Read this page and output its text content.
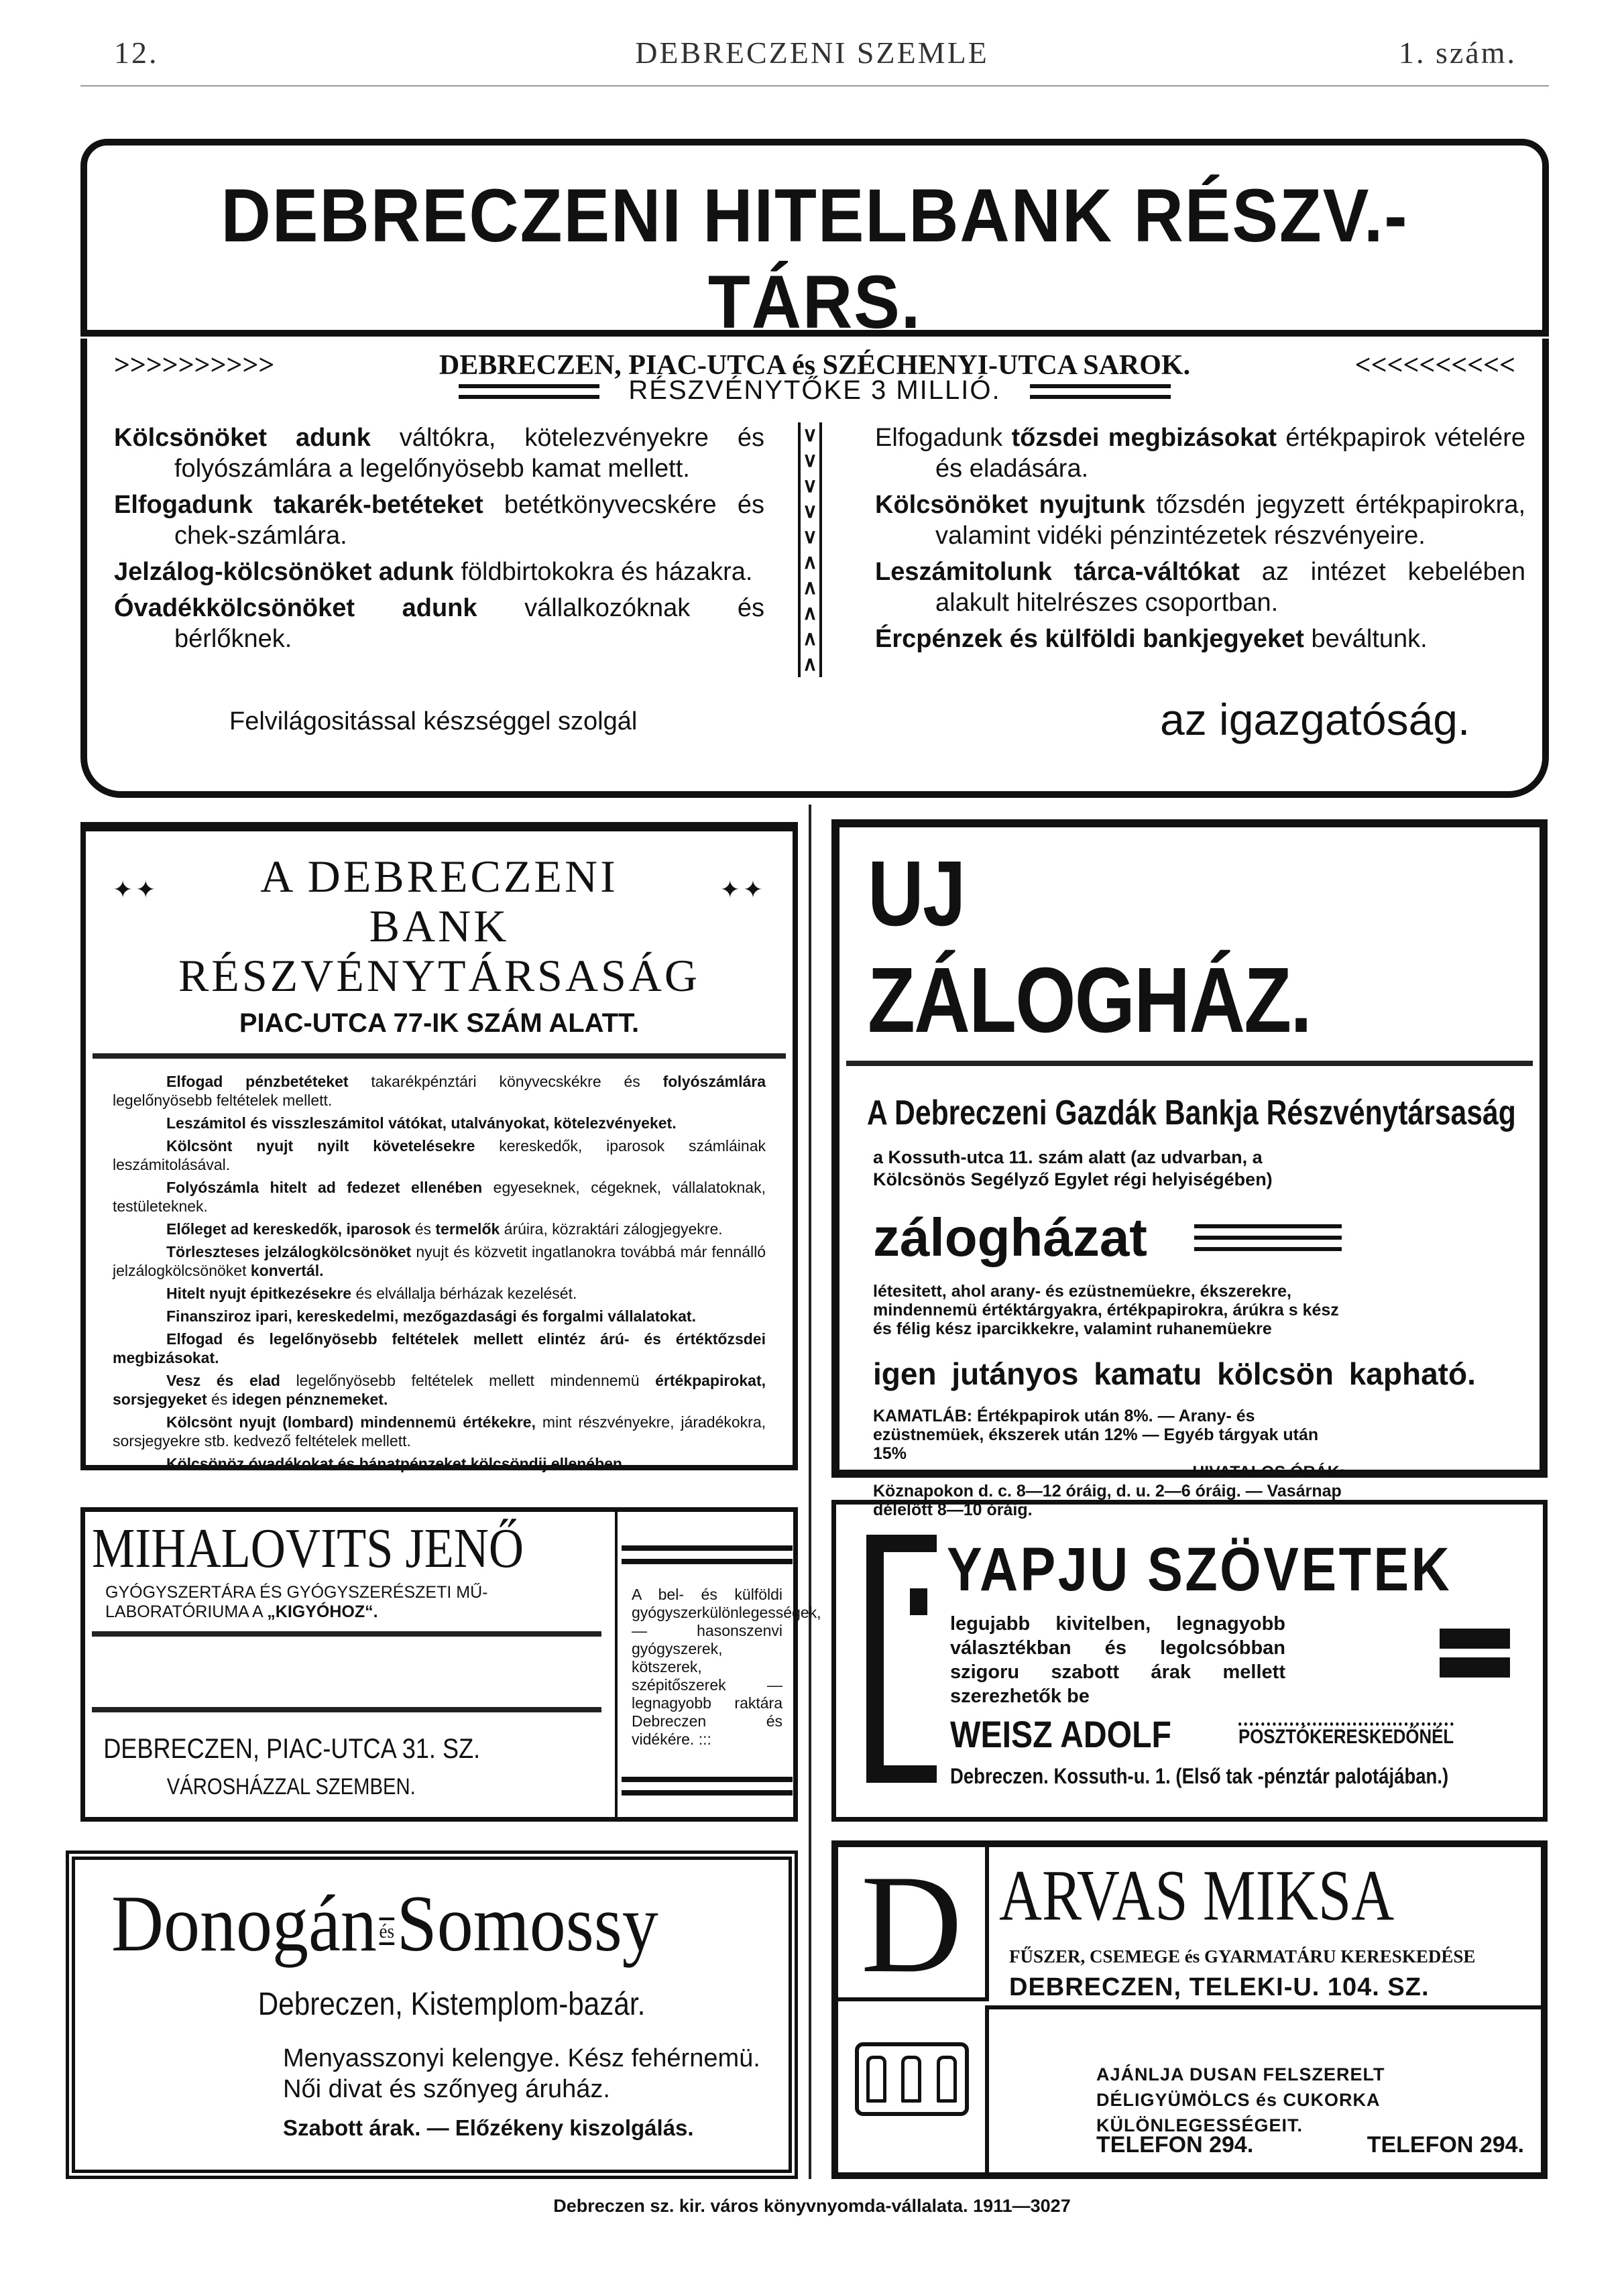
12.	DEBRECZENI SZEMLE	1. szám.
DEBRECZENI HITELBANK RÉSZV.-TÁRS.
>>>>>>>>>>	DEBRECZEN, PIAC-UTCA és SZÉCHENYI-UTCA SAROK.	<<<<<<<<<<
RÉSZVÉNYTŐKE 3 MILLIÓ.
Kölcsönöket adunk váltókra, kötelezvényekre és folyószámlára a legelőnyösebb kamat mellett.
Elfogadunk takarék-betéteket betétkönyvecskére és chek-számlára.
Jelzálog-kölcsönöket adunk földbirtokokra és házakra.
Óvadékkölcsönöket adunk vállalkozóknak és bérlőknek.
∨
∨
∨
∨
∨
∧
∧
∧
∧
∧
Elfogadunk tőzsdei megbizásokat értékpapirok vételére és eladására.
Kölcsönöket nyujtunk tőzsdén jegyzett értékpapirokra, valamint vidéki pénzintézetek részvényeire.
Leszámitolunk tárca-váltókat az intézet kebelében alakult hitelrészes csoportban.
Ércpénzek és külföldi bankjegyeket beváltunk.
Felvilágositással készséggel szolgál	az igazgatóság.
✦✦	✦✦
A DEBRECZENI
BANK RÉSZVÉNYTÁRSASÁG
PIAC-UTCA 77-IK SZÁM ALATT.
Elfogad pénzbetéteket takarékpénztári könyvecskékre és folyószámlára legelőnyösebb feltételek mellett.
Leszámitol és visszleszámitol vátókat, utalványokat, kötelezvényeket.
Kölcsönt nyujt nyilt követelésekre kereskedők, iparosok számláinak leszámitolásával.
Folyószámla hitelt ad fedezet ellenében egyeseknek, cégeknek, vállalatoknak, testületeknek.
Előleget ad kereskedők, iparosok és termelők árúira, közraktári zálogjegyekre.
Törleszteses jelzálogkölcsönöket nyujt és közvetit ingatlanokra továbbá már fennálló jelzálogkölcsönöket konvertál.
Hitelt nyujt épitkezésekre és elvállalja bérházak kezelését.
Finansziroz ipari, kereskedelmi, mezőgazdasági és forgalmi vállalatokat.
Elfogad és legelőnyösebb feltételek mellett elintéz árú- és értéktőzsdei megbizásokat.
Vesz és elad legelőnyösebb feltételek mellett mindennemü értékpapirokat, sorsjegyeket és idegen pénznemeket.
Kölcsönt nyujt (lombard) mindennemü értékekre, mint részvényekre, járadékokra, sorsjegyekre stb. kedvező feltételek mellett.
Kölcsönöz óvadékokat és bánatpénzeket kölcsöndij ellenében.
UJ ZÁLOGHÁZ.
A Debreczeni Gazdák Bankja Részvénytársaság
a Kossuth-utca 11. szám alatt (az udvarban, a Kölcsönös Segélyző Egylet régi helyiségében)
zálogházat
létesitett, ahol arany- és ezüstnemüekre, ékszerekre, mindennemü értéktárgyakra, értékpapirokra, árúkra s kész és félig kész iparcikkekre, valamint ruhanemüekre
igen jutányos kamatu kölcsön kapható.
KAMATLÁB: Értékpapirok után 8%. — Arany- és ezüstnemüek, ékszerek után 12% — Egyéb tárgyak után 15%
HIVATALOS ÓRÁK:
Köznapokon d. c. 8—12 óráig, d. u. 2—6 óráig. — Vasárnap délelőtt 8—10 óráig.
MIHALOVITS JENŐ
GYÓGYSZERTÁRA ÉS GYÓGYSZERÉSZETI MŰ-
LABORATÓRIUMA A „KIGYÓHOZ“.
DEBRECZEN, PIAC-UTCA 31. SZ.
VÁROSHÁZZAL SZEMBEN.
A bel- és külföldi gyógyszerkülönlegességek, — hasonszenvi gyógyszerek, kötszerek, szépitőszerek — legnagyobb raktára Debreczen és vidékére. :::
YAPJU SZÖVETEK
legujabb kivitelben, legnagyobb választékban és legolcsóbban szigoru szabott árak mellett szerezhetők be
WEISZ ADOLF	POSZTÓKERESKEDŐNÉL
Debreczen. Kossuth-u. 1. (Első tak -pénztár palotájában.)
Donogán ésSomossy
Debreczen, Kistemplom-bazár.
Menyasszonyi kelengye. Kész fehérnemü. Női divat és szőnyeg áruház.
Szabott árak. — Előzékeny kiszolgálás.
D ARVAS MIKSA
FŰSZER, CSEMEGE és GYARMATÁRU KERESKEDÉSE
DEBRECZEN, TELEKI-U. 104. SZ.
AJÁNLJA DUSAN FELSZERELT DÉLIGYÜMÖLCS és CUKORKA KÜLÖNLEGESSÉGEIT.
TELEFON 294.	TELEFON 294.
Debreczen sz. kir. város könyvnyomda-vállalata. 1911—3027
